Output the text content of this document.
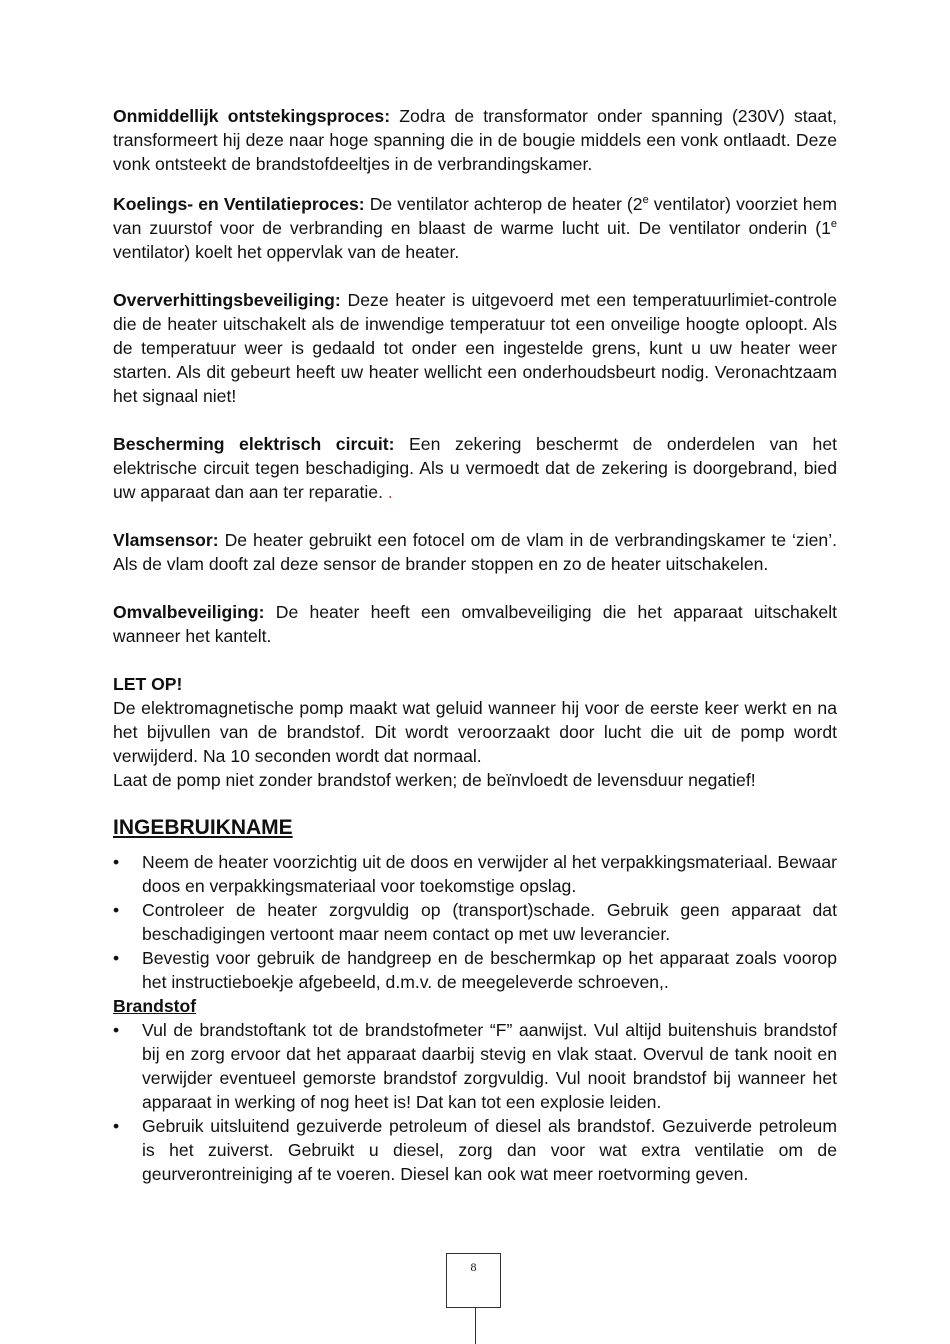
Onmiddellijk ontstekingsproces: Zodra de transformator onder spanning (230V) staat, transformeert hij deze naar hoge spanning die in de bougie middels een vonk ontlaadt. Deze vonk ontsteekt de brandstofdeeltjes in de verbrandingskamer.

Koelings- en Ventilatieproces: De ventilator achterop de heater (2e ventilator) voorziet hem van zuurstof voor de verbranding en blaast de warme lucht uit. De ventilator onderin (1e ventilator) koelt het oppervlak van de heater.

Oververhittingsbeveiliging: Deze heater is uitgevoerd met een temperatuurlimiet-controle die de heater uitschakelt als de inwendige temperatuur tot een onveilige hoogte oploopt. Als de temperatuur weer is gedaald tot onder een ingestelde grens, kunt u uw heater weer starten. Als dit gebeurt heeft uw heater wellicht een onderhoudsbeurt nodig. Veronachtzaam het signaal niet!

Bescherming elektrisch circuit: Een zekering beschermt de onderdelen van het elektrische circuit tegen beschadiging. Als u vermoedt dat de zekering is doorgebrand, bied uw apparaat dan aan ter reparatie. .

Vlamsensor: De heater gebruikt een fotocel om de vlam in de verbrandingskamer te ‘zien’. Als de vlam dooft zal deze sensor de brander stoppen en zo de heater uitschakelen.

Omvalbeveiliging: De heater heeft een omvalbeveiliging die het apparaat uitschakelt wanneer het kantelt.

LET OP!
De elektromagnetische pomp maakt wat geluid wanneer hij voor de eerste keer werkt en na het bijvullen van de brandstof. Dit wordt veroorzaakt door lucht die uit de pomp wordt verwijderd. Na 10 seconden wordt dat normaal.
Laat de pomp niet zonder brandstof werken; de beïnvloedt de levensduur negatief!

INGEBRUIKNAME
• Neem de heater voorzichtig uit de doos en verwijder al het verpakkingsmateriaal. Bewaar doos en verpakkingsmateriaal voor toekomstige opslag.
• Controleer de heater zorgvuldig op (transport)schade. Gebruik geen apparaat dat beschadigingen vertoont maar neem contact op met uw leverancier.
• Bevestig voor gebruik de handgreep en de beschermkap op het apparaat zoals voorop het instructieboekje afgebeeld, d.m.v. de meegeleverde schroeven,.
Brandstof
• Vul de brandstoftank tot de brandstofmeter “F” aanwijst. Vul altijd buitenshuis brandstof bij en zorg ervoor dat het apparaat daarbij stevig en vlak staat. Overvul de tank nooit en verwijder eventueel gemorste brandstof zorgvuldig. Vul nooit brandstof bij wanneer het apparaat in werking of nog heet is! Dat kan tot een explosie leiden.
• Gebruik uitsluitend gezuiverde petroleum of diesel als brandstof. Gezuiverde petroleum is het zuiverst. Gebruikt u diesel, zorg dan voor wat extra ventilatie om de geurverontreiniging af te voeren. Diesel kan ook wat meer roetvorming geven.
8
